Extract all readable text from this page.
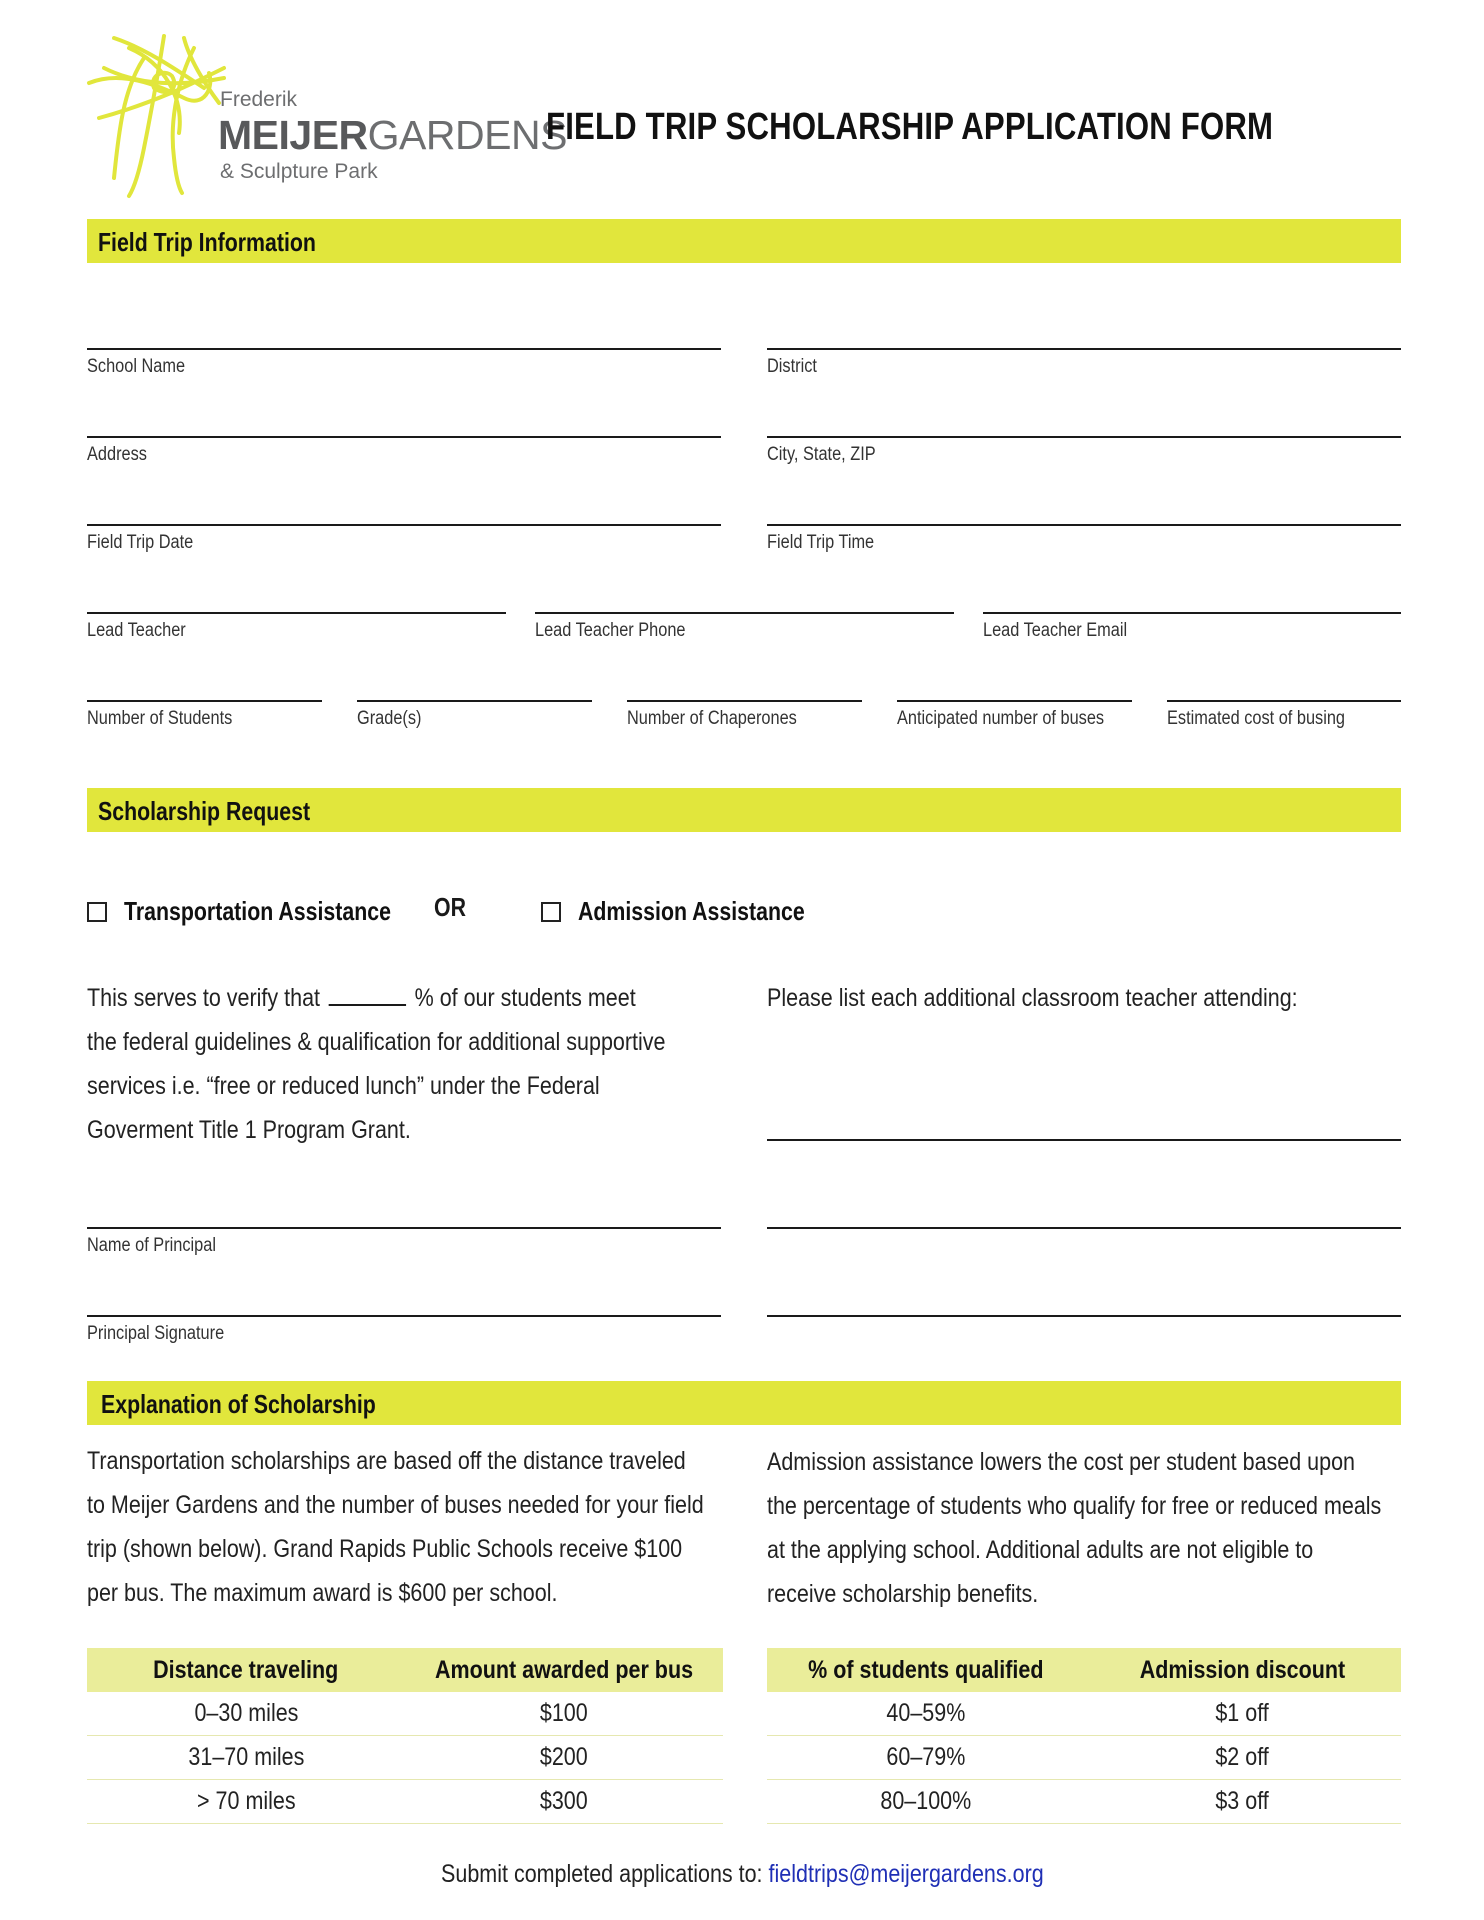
Frederik
MEIJERGARDENS
& Sculpture Park
FIELD TRIP SCHOLARSHIP APPLICATION FORM
Field Trip Information
School Name	District
Address	City, State, ZIP
Field Trip Date	Field Trip Time
Lead Teacher	Lead Teacher Phone	Lead Teacher Email
Number of Students	Grade(s)	Number of Chaperones	Anticipated number of buses	Estimated cost of busing
Scholarship Request
Transportation Assistance OR	Admission Assistance
This serves to verify that	% of our students meet
the federal guidelines & qualification for additional supportive
services i.e. “free or reduced lunch” under the Federal
Goverment Title 1 Program Grant.
Please list each additional classroom teacher attending:
Name of Principal
Principal Signature
Explanation of Scholarship
Transportation scholarships are based off the distance traveled
to Meijer Gardens and the number of buses needed for your field
trip (shown below). Grand Rapids Public Schools receive $100
per bus. The maximum award is $600 per school.
Admission assistance lowers the cost per student based upon
the percentage of students who qualify for free or reduced meals
at the applying school. Additional adults are not eligible to
receive scholarship benefits.
Distance traveling	Amount awarded per bus
0–30 miles	$100
31–70 miles	$200
> 70 miles	$300
% of students qualified	Admission discount
40–59%	$1 off
60–79%	$2 off
80–100%	$3 off
Submit completed applications to: fieldtrips@meijergardens.org
